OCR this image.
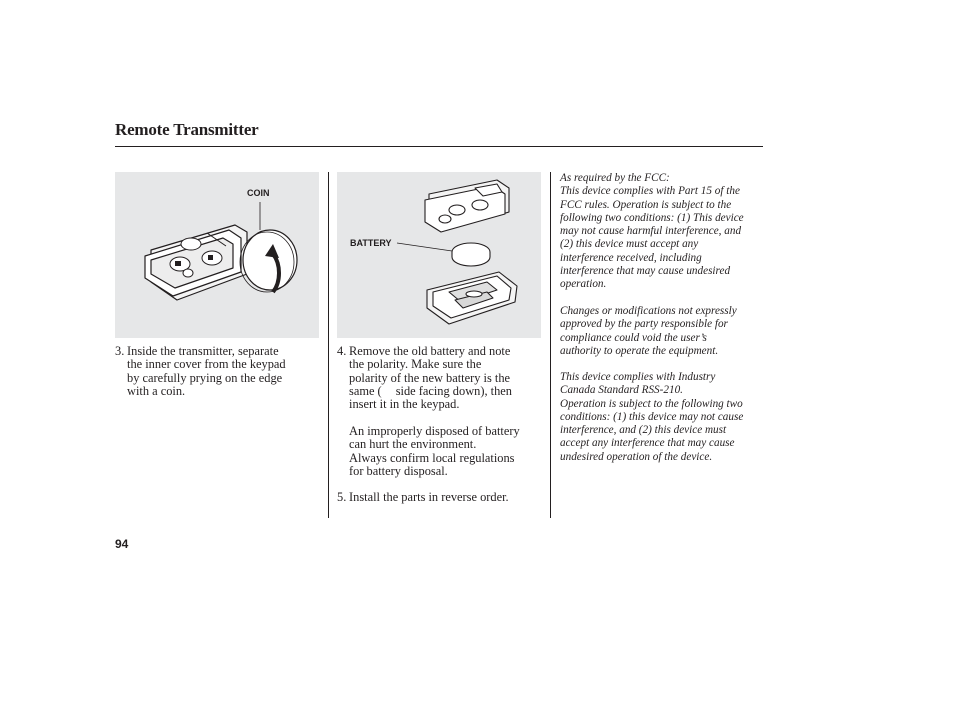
Remote Transmitter
COIN
BATTERY
3. Inside the transmitter, separate
the inner cover from the keypad
by carefully prying on the edge
with a coin.
4. Remove the old battery and note
the polarity. Make sure the
polarity of the new battery is the
same ( side facing down), then
insert it in the keypad.
An improperly disposed of battery
can hurt the environment.
Always confirm local regulations
for battery disposal.
5. Install the parts in reverse order.
As required by the FCC:
This device complies with Part 15 of the
FCC rules. Operation is subject to the
following two conditions: (1) This device
may not cause harmful interference, and
(2) this device must accept any
interference received, including
interference that may cause undesired
operation.
Changes or modifications not expressly
approved by the party responsible for
compliance could void the user’s
authority to operate the equipment.
This device complies with Industry
Canada Standard RSS-210.
Operation is subject to the following two
conditions: (1) this device may not cause
interference, and (2) this device must
accept any interference that may cause
undesired operation of the device.
94
